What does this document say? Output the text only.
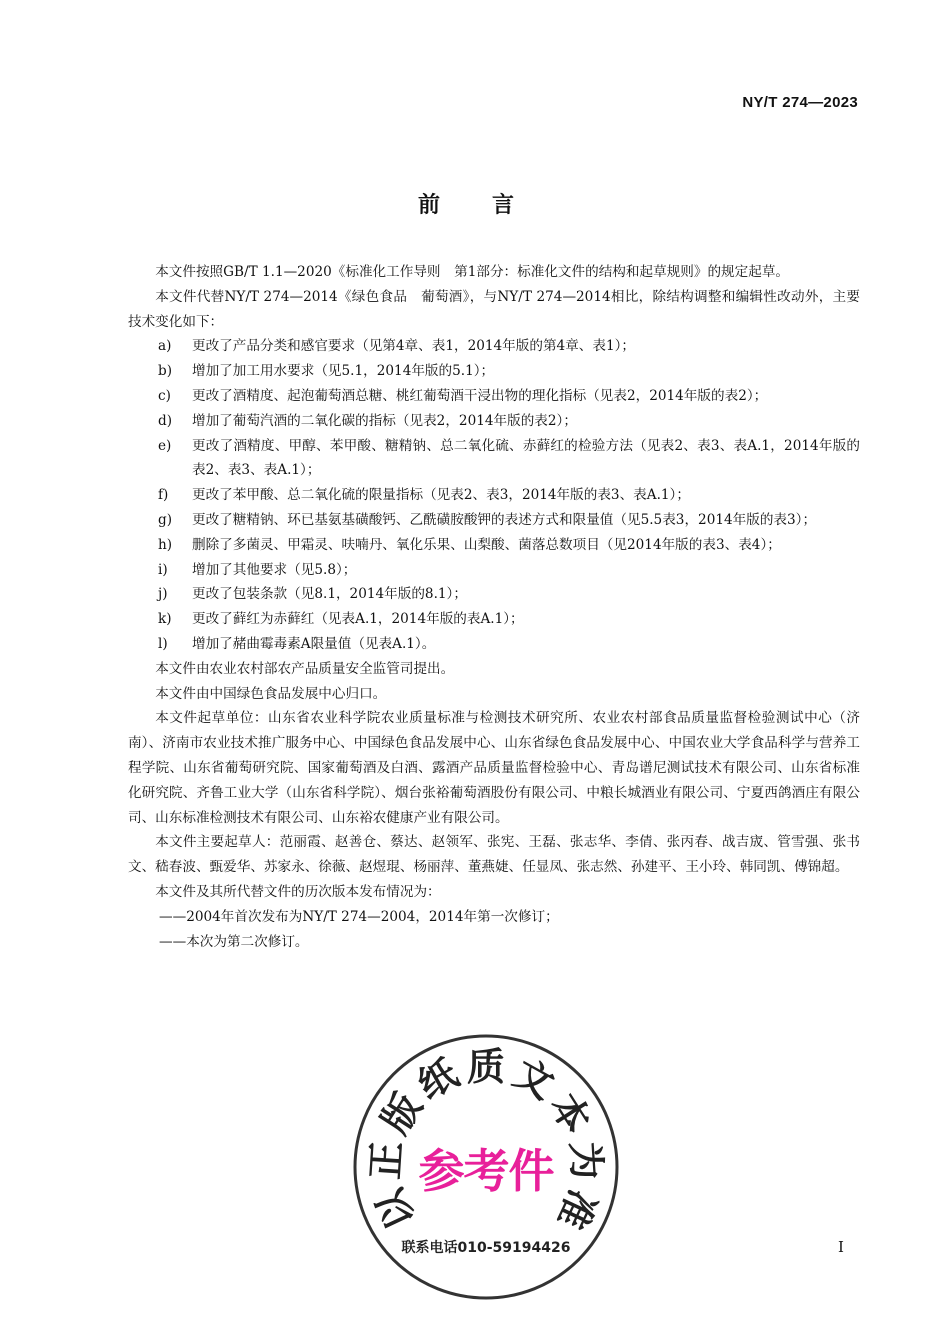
NY/T 274—2023
前言

本文件按照GB/T 1.1—2020《标准化工作导则　第1部分：标准化文件的结构和起草规则》的规定起草。

本文件代替NY/T 274—2014《绿色食品　葡萄酒》，与NY/T 274—2014相比，除结构调整和编辑性改动外，主要技术变化如下：

a) 更改了产品分类和感官要求（见第4章、表1，2014年版的第4章、表1）；
b) 增加了加工用水要求（见5.1，2014年版的5.1）；
c) 更改了酒精度、起泡葡萄酒总糖、桃红葡萄酒干浸出物的理化指标（见表2，2014年版的表2）；
d) 增加了葡萄汽酒的二氧化碳的指标（见表2，2014年版的表2）；
e) 更改了酒精度、甲醇、苯甲酸、糖精钠、总二氧化硫、赤藓红的检验方法（见表2、表3、表A.1，2014年版的表2、表3、表A.1）；
f) 更改了苯甲酸、总二氧化硫的限量指标（见表2、表3，2014年版的表3、表A.1）；
g) 更改了糖精钠、环已基氨基磺酸钙、乙酰磺胺酸钾的表述方式和限量值（见5.5表3，2014年版的表3）；
h) 删除了多菌灵、甲霜灵、呋喃丹、氧化乐果、山梨酸、菌落总数项目（见2014年版的表3、表4）；
i) 增加了其他要求（见5.8）；
j) 更改了包装条款（见8.1，2014年版的8.1）；
k) 更改了藓红为赤藓红（见表A.1，2014年版的表A.1）；
l) 增加了赭曲霉毒素A限量值（见表A.1）。

本文件由农业农村部农产品质量安全监管司提出。

本文件由中国绿色食品发展中心归口。

本文件起草单位：山东省农业科学院农业质量标准与检测技术研究所、农业农村部食品质量监督检验测试中心（济南）、济南市农业技术推广服务中心、中国绿色食品发展中心、山东省绿色食品发展中心、中国农业大学食品科学与营养工程学院、山东省葡萄研究院、国家葡萄酒及白酒、露酒产品质量监督检验中心、青岛谱尼测试技术有限公司、山东省标准化研究院、齐鲁工业大学（山东省科学院）、烟台张裕葡萄酒股份有限公司、中粮长城酒业有限公司、宁夏西鸽酒庄有限公司、山东标准检测技术有限公司、山东裕农健康产业有限公司。

本文件主要起草人：范丽霞、赵善仓、蔡达、赵领军、张宪、王磊、张志华、李倩、张丙春、战吉宬、管雪强、张书文、嵇春波、甄爱华、苏家永、徐薇、赵煜琨、杨丽萍、董燕婕、任显凤、张志然、孙建平、王小玲、韩同凯、傅锦超。

本文件及其所代替文件的历次版本发布情况为：

——2004年首次发布为NY/T 274—2004，2014年第一次修订；

——本次为第二次修订。

以
正
版
纸 质 文
本
为
准
参考件
联系电话010-59194426	I
